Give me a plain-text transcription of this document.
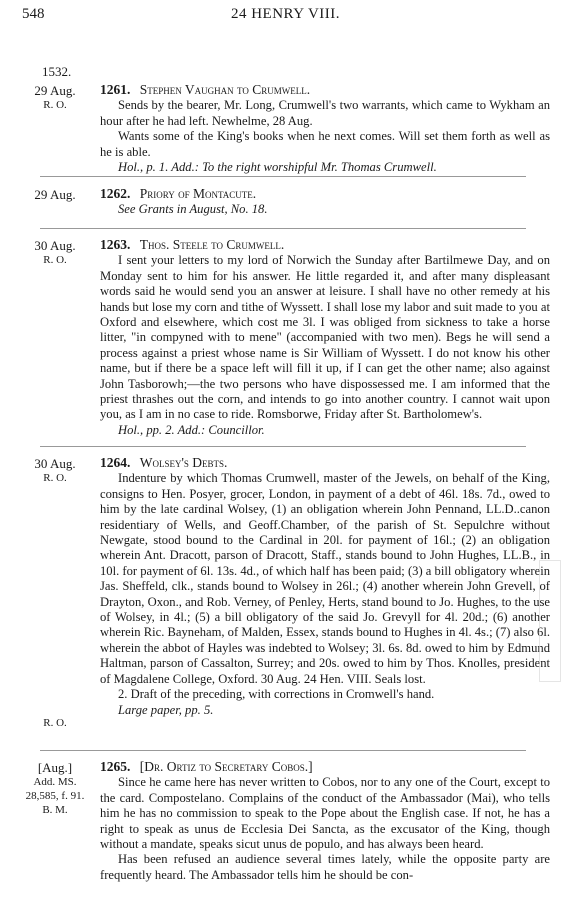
548	24 HENRY VIII.
1532.
29 Aug.
R. O.
1261. Stephen Vaughan to Crumwell.

Sends by the bearer, Mr. Long, Crumwell's two warrants, which came to Wykham an hour after he had left. Newhelme, 28 Aug.

Wants some of the King's books when he next comes. Will set them forth as well as he is able.

Hol., p. 1. Add.: To the right worshipful Mr. Thomas Crumwell.

29 Aug.	1262. Priory of Montacute.

See Grants in August, No. 18.

30 Aug.
R. O.
1263. Thos. Steele to Crumwell.

I sent your letters to my lord of Norwich the Sunday after Bartilmewe Day, and on Monday sent to him for his answer. He little regarded it, and after many displeasant words said he would send you an answer at leisure. I shall have no other remedy at his hands but lose my corn and tithe of Wyssett. I shall lose my labor and suit made to you at Oxford and elsewhere, which cost me 3l. I was obliged from sickness to take a horse litter, "in compyned with to mene" (accompanied with two men). Begs he will send a process against a priest whose name is Sir William of Wyssett. I do not know his other name, but if there be a space left will fill it up, if I can get the other name; also against John Tasborowh;—the two persons who have dispossessed me. I am informed that the priest thrashes out the corn, and intends to go into another country. I cannot wait upon you, as I am in no case to ride. Romsborwe, Friday after St. Bartholomew's.

Hol., pp. 2. Add.: Councillor.

30 Aug.
R. O.
R. O.
1264. Wolsey's Debts.

Indenture by which Thomas Crumwell, master of the Jewels, on behalf of the King, consigns to Hen. Posyer, grocer, London, in payment of a debt of 46l. 18s. 7d., owed to him by the late cardinal Wolsey, (1) an obligation wherein John Pennand, LL.D..canon residentiary of Wells, and Geoff.Chamber, of the parish of St. Sepulchre without Newgate, stood bound to the Cardinal in 20l. for payment of 16l.; (2) an obligation wherein Ant. Dracott, parson of Dracott, Staff., stands bound to John Hughes, LL.B., in 10l. for payment of 6l. 13s. 4d., of which half has been paid; (3) a bill obligatory wherein Jas. Sheffeld, clk., stands bound to Wolsey in 26l.; (4) another wherein John Grevell, of Drayton, Oxon., and Rob. Verney, of Penley, Herts, stand bound to Jo. Hughes, to the use of Wolsey, in 4l.; (5) a bill obligatory of the said Jo. Grevyll for 4l. 20d.; (6) another wherein Ric. Bayneham, of Malden, Essex, stands bound to Hughes in 4l. 4s.; (7) also 6l. wherein the abbot of Hayles was indebted to Wolsey; 3l. 6s. 8d. owed to him by Edmund Haltman, parson of Cassalton, Surrey; and 20s. owed to him by Thos. Knolles, president of Magdalene College, Oxford. 30 Aug. 24 Hen. VIII. Seals lost.

2. Draft of the preceding, with corrections in Cromwell's hand.

Large paper, pp. 5.

[Aug.]
Add. MS.
28,585, f. 91.
B. M.
1265. [Dr. Ortiz to Secretary Cobos.]

Since he came here has never written to Cobos, nor to any one of the Court, except to the card. Compostelano. Complains of the conduct of the Ambassador (Mai), who tells him he has no commission to speak to the Pope about the English case. If not, he has a right to speak as unus de Ecclesia Dei Sancta, as the excusator of the King, though without a mandate, speaks sicut unus de populo, and has always been heard.

Has been refused an audience several times lately, while the opposite party are frequently heard. The Ambassador tells him he should be con-
